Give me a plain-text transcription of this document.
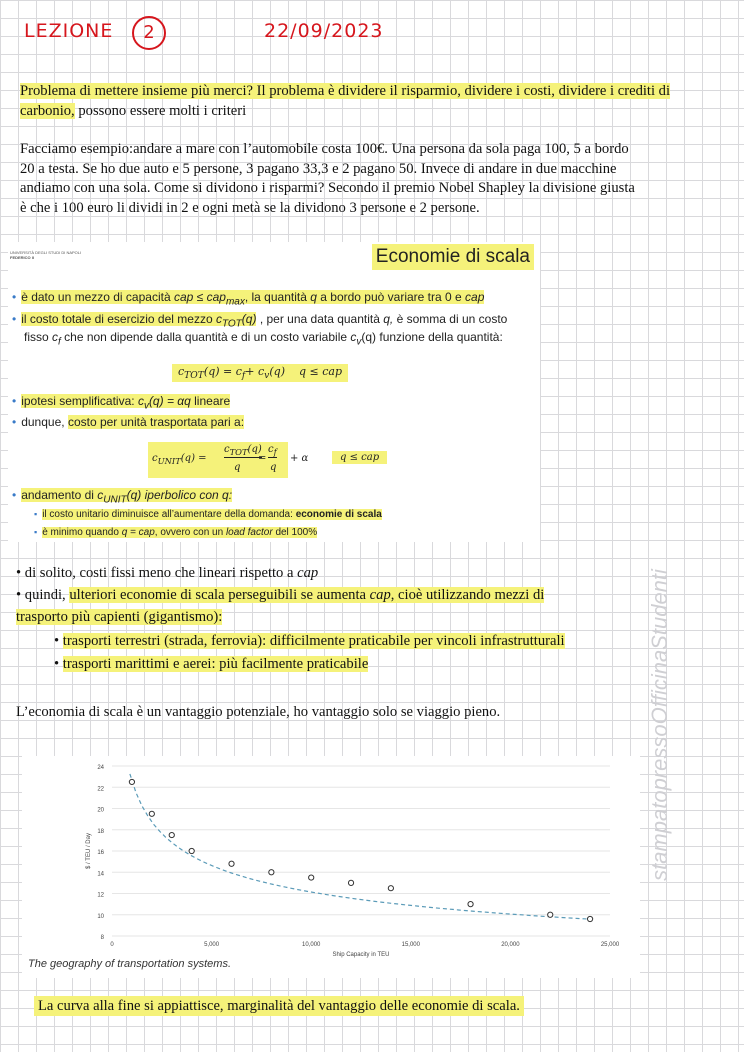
LEZIONE	2	22/09/2023
Problema di mettere insieme più merci? Il problema è dividere il risparmio, dividere i costi, dividere i crediti di carbonio, possono essere molti i criteri
Facciamo esempio:andare a mare con l’automobile costa 100€. Una persona da sola paga 100, 5 a bordo
20 a testa. Se ho due auto e 5 persone, 3 pagano 33,3 e 2 pagano 50. Invece di andare in due macchine
andiamo con una sola. Come si dividono i risparmi? Secondo il premio Nobel Shapley la divisione giusta
è che i 100 euro li dividi in 2 e ogni metà se la dividono 3 persone e 2 persone.
UNIVERSITÀ DEGLI STUDI DI NAPOLI
FEDERICO II	Economie di scala
• è dato un mezzo di capacità cap ≤ cap$_{max}$, la quantità q a bordo può variare tra 0 e cap
• il costo totale di esercizio del mezzo $c_{TOT}(q)$ , per una data quantità q, è somma di un costo
fisso $c_f$ che non dipende dalla quantità e di un costo variabile $c_v(q)$ funzione della quantità:
$c_{TOT}(q) = c_f+ c_v(q) q$ ≤ cap
• ipotesi semplificativa: $c_v(q) = \alpha q$ lineare
• dunque, costo per unità trasportata pari a:
$c_{UNIT}(q)$ =
$c_{TOT}(q)$
q
=
$c_f$
q
+ α	q ≤ cap
• andamento di $c_{UNIT}(q)$ iperbolico con q:
▪ il costo unitario diminuisce all’aumentare della domanda: economie di scala
▪ è minimo quando q = cap, ovvero con un load factor del 100%
• di solito, costi fissi meno che lineari rispetto a cap
• quindi, ulteriori economie di scala perseguibili se aumenta cap, cioè utilizzando mezzi di
trasporto più capienti (gigantismo):
• trasporti terrestri (strada, ferrovia): difficilmente praticabile per vincoli infrastrutturali
• trasporti marittimi e aerei: più facilmente praticabile
L’economia di scala è un vantaggio potenziale, ho vantaggio solo se viaggio pieno.	stampatopressoOfficinaStudenti
8
10
12
14
16
18
20
22
24
0	5,000	10,000	15,000	20,000	25,000
Ship Capacity in TEU
$ / TEU / Day
The geography of transportation systems.
La curva alla fine si appiattisce, marginalità del vantaggio delle economie di scala.
